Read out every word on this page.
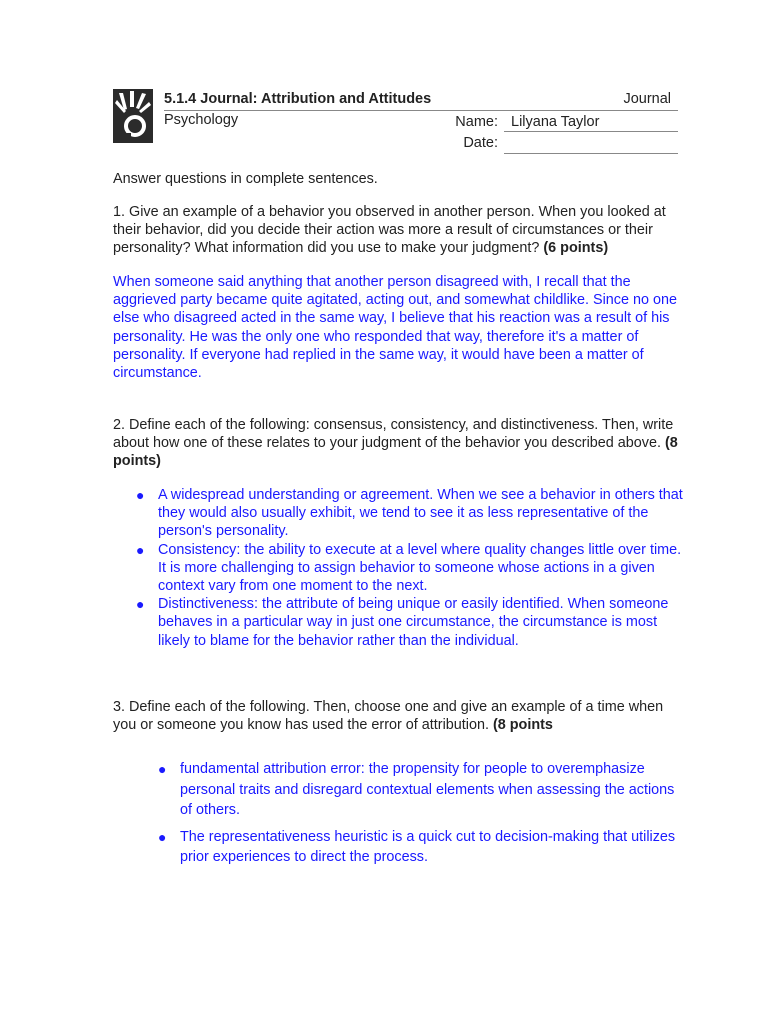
5.1.4 Journal: Attribution and Attitudes	Journal
Psychology	Name: Lilyana Taylor
Date:
Answer questions in complete sentences.
1. Give an example of a behavior you observed in another person. When you looked at their behavior, did you decide their action was more a result of circumstances or their personality? What information did you use to make your judgment? (6 points)
When someone said anything that another person disagreed with, I recall that the aggrieved party became quite agitated, acting out, and somewhat childlike. Since no one else who disagreed acted in the same way, I believe that his reaction was a result of his personality. He was the only one who responded that way, therefore it's a matter of personality. If everyone had replied in the same way, it would have been a matter of circumstance.
2. Define each of the following: consensus, consistency, and distinctiveness. Then, write about how one of these relates to your judgment of the behavior you described above. (8 points)
● A widespread understanding or agreement. When we see a behavior in others that they would also usually exhibit, we tend to see it as less representative of the person's personality.
● Consistency: the ability to execute at a level where quality changes little over time. It is more challenging to assign behavior to someone whose actions in a given context vary from one moment to the next.
● Distinctiveness: the attribute of being unique or easily identified. When someone behaves in a particular way in just one circumstance, the circumstance is most likely to blame for the behavior rather than the individual.
3. Define each of the following. Then, choose one and give an example of a time when you or someone you know has used the error of attribution. (8 points
● fundamental attribution error: the propensity for people to overemphasize personal traits and disregard contextual elements when assessing the actions of others.
● The representativeness heuristic is a quick cut to decision-making that utilizes prior experiences to direct the process.
